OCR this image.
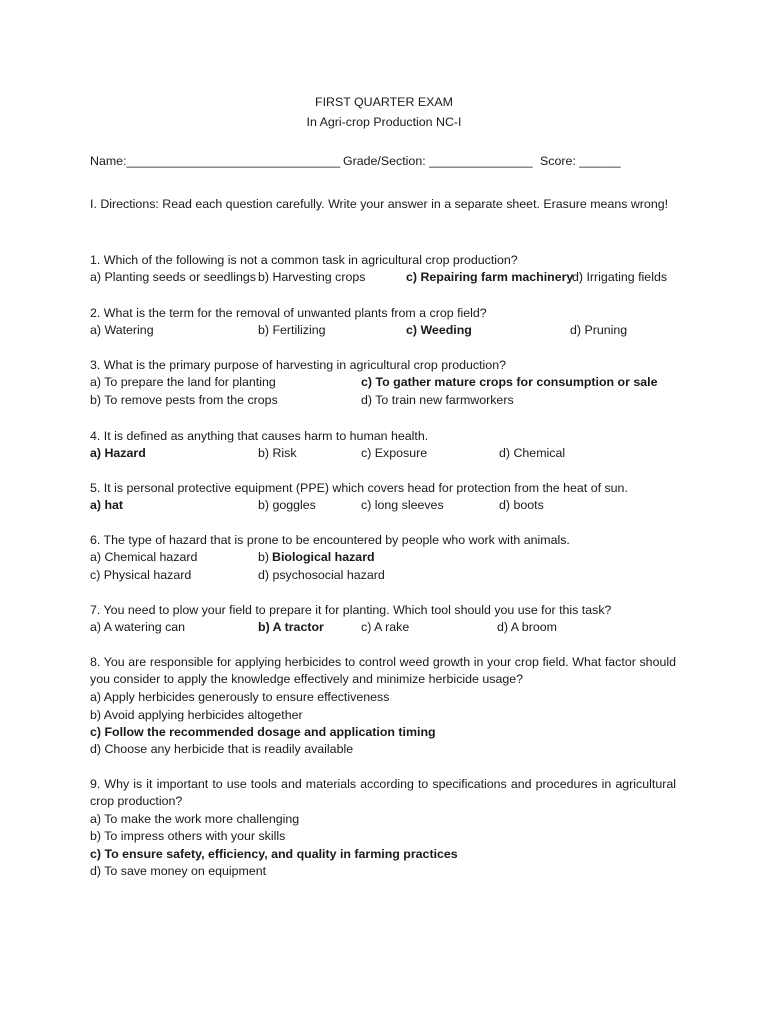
FIRST QUARTER EXAM
In Agri-crop Production NC-I
Name:_______________________________ Grade/Section: _______________ Score: ______
I. Directions: Read each question carefully. Write your answer in a separate sheet. Erasure means wrong!
1. Which of the following is not a common task in agricultural crop production?
a) Planting seeds or seedlings b) Harvesting crops	c) Repairing farm machinery
d) Irrigating fields
2. What is the term for the removal of unwanted plants from a crop field?
a) Watering	b) Fertilizing	c) Weeding	d) Pruning
3. What is the primary purpose of harvesting in agricultural crop production?
a) To prepare the land for planting	c) To gather mature crops for consumption or sale
b) To remove pests from the crops	d) To train new farmworkers
4. It is defined as anything that causes harm to human health.
a) Hazard	b) Risk	c) Exposure	d) Chemical
5. It is personal protective equipment (PPE) which covers head for protection from the heat of sun.
a) hat	b) goggles	c) long sleeves	d) boots
6. The type of hazard that is prone to be encountered by people who work with animals.
a) Chemical hazard	b) Biological hazard
c) Physical hazard	d) psychosocial hazard
7. You need to plow your field to prepare it for planting. Which tool should you use for this task?
a) A watering can	b) A tractor	c) A rake	d) A broom
8. You are responsible for applying herbicides to control weed growth in your crop field. What factor should you consider to apply the knowledge effectively and minimize herbicide usage?
a) Apply herbicides generously to ensure effectiveness
b) Avoid applying herbicides altogether
c) Follow the recommended dosage and application timing
d) Choose any herbicide that is readily available
9. Why is it important to use tools and materials according to specifications and procedures in agricultural crop production?
a) To make the work more challenging
b) To impress others with your skills
c) To ensure safety, efficiency, and quality in farming practices
d) To save money on equipment
